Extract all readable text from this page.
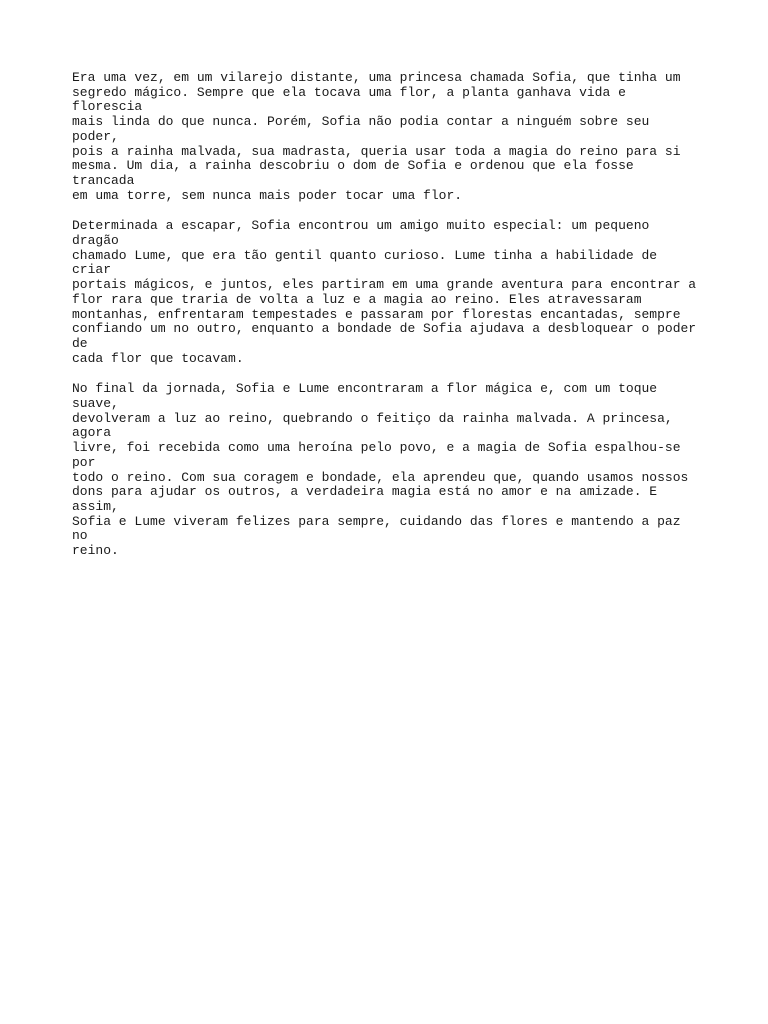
Era uma vez, em um vilarejo distante, uma princesa chamada Sofia, que tinha um
segredo mágico. Sempre que ela tocava uma flor, a planta ganhava vida e florescia
mais linda do que nunca. Porém, Sofia não podia contar a ninguém sobre seu poder,
pois a rainha malvada, sua madrasta, queria usar toda a magia do reino para si
mesma. Um dia, a rainha descobriu o dom de Sofia e ordenou que ela fosse trancada
em uma torre, sem nunca mais poder tocar uma flor.

Determinada a escapar, Sofia encontrou um amigo muito especial: um pequeno dragão
chamado Lume, que era tão gentil quanto curioso. Lume tinha a habilidade de criar
portais mágicos, e juntos, eles partiram em uma grande aventura para encontrar a
flor rara que traria de volta a luz e a magia ao reino. Eles atravessaram
montanhas, enfrentaram tempestades e passaram por florestas encantadas, sempre
confiando um no outro, enquanto a bondade de Sofia ajudava a desbloquear o poder de
cada flor que tocavam.

No final da jornada, Sofia e Lume encontraram a flor mágica e, com um toque suave,
devolveram a luz ao reino, quebrando o feitiço da rainha malvada. A princesa, agora
livre, foi recebida como uma heroína pelo povo, e a magia de Sofia espalhou-se por
todo o reino. Com sua coragem e bondade, ela aprendeu que, quando usamos nossos
dons para ajudar os outros, a verdadeira magia está no amor e na amizade. E assim,
Sofia e Lume viveram felizes para sempre, cuidando das flores e mantendo a paz no
reino.
